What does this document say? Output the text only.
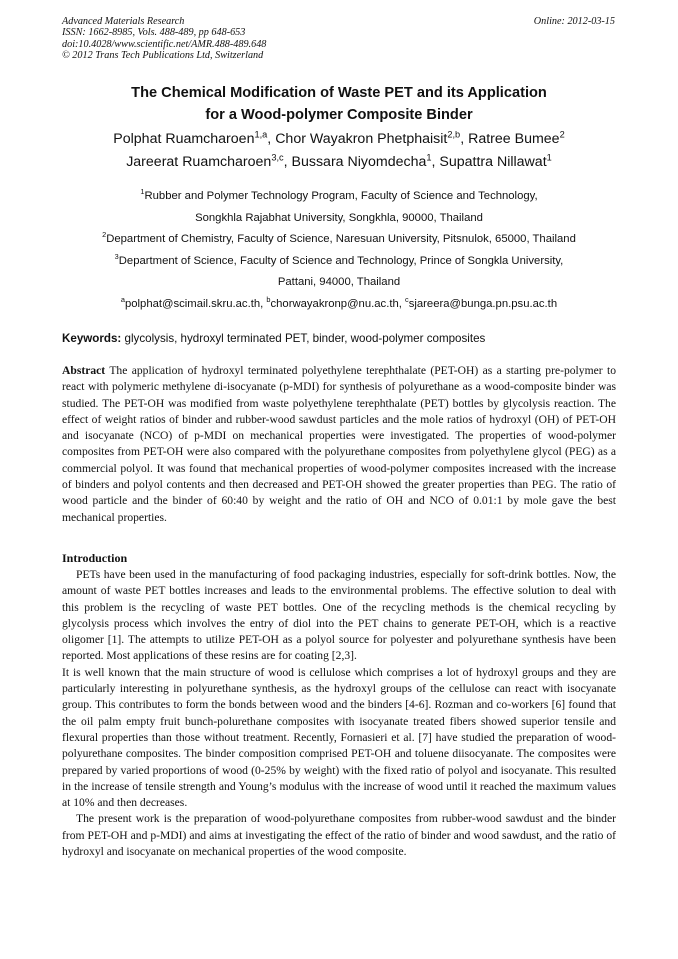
Advanced Materials Research
ISSN: 1662-8985, Vols. 488-489, pp 648-653
doi:10.4028/www.scientific.net/AMR.488-489.648
© 2012 Trans Tech Publications Ltd, Switzerland
Online: 2012-03-15
The Chemical Modification of Waste PET and its Application
for a Wood-polymer Composite Binder
Polphat Ruamcharoen$^{1,a}$, Chor Wayakron Phetphaisit$^{2,b}$, Ratree Bumee$^2$
Jareerat Ruamcharoen$^{3,c}$, Bussara Niyomdecha$^1$, Supattra Nillawat$^1$
$^1$Rubber and Polymer Technology Program, Faculty of Science and Technology,
Songkhla Rajabhat University, Songkhla, 90000, Thailand
$^2$Department of Chemistry, Faculty of Science, Naresuan University, Pitsnulok, 65000, Thailand
$^3$Department of Science, Faculty of Science and Technology, Prince of Songkla University,
Pattani, 94000, Thailand
$^a$polphat@scimail.skru.ac.th, $^b$chorwayakronp@nu.ac.th, $^c$sjareera@bunga.pn.psu.ac.th
Keywords: glycolysis, hydroxyl terminated PET, binder, wood-polymer composites
Abstract The application of hydroxyl terminated polyethylene terephthalate (PET-OH) as a starting pre-polymer to react with polymeric methylene di-isocyanate (p-MDI) for synthesis of polyurethane as a wood-composite binder was studied. The PET-OH was modified from waste polyethylene terephthalate (PET) bottles by glycolysis reaction. The effect of weight ratios of binder and rubber-wood sawdust particles and the mole ratios of hydroxyl (OH) of PET-OH and isocyanate (NCO) of p-MDI on mechanical properties were investigated. The properties of wood-polymer composites from PET-OH were also compared with the polyurethane composites from polyethylene glycol (PEG) as a commercial polyol. It was found that mechanical properties of wood-polymer composites increased with the increase of binders and polyol contents and then decreased and PET-OH showed the greater properties than PEG. The ratio of wood particle and the binder of 60:40 by weight and the ratio of OH and NCO of 0.01:1 by mole gave the best mechanical properties.
Introduction

PETs have been used in the manufacturing of food packaging industries, especially for soft-drink bottles. Now, the amount of waste PET bottles increases and leads to the environmental problems. The effective solution to deal with this problem is the recycling of waste PET bottles. One of the recycling methods is the chemical recycling by glycolysis process which involves the entry of diol into the PET chains to generate PET-OH, which is a reactive oligomer [1]. The attempts to utilize PET-OH as a polyol source for polyester and polyurethane synthesis have been reported. Most applications of these resins are for coating [2,3].

It is well known that the main structure of wood is cellulose which comprises a lot of hydroxyl groups and they are particularly interesting in polyurethane synthesis, as the hydroxyl groups of the cellulose can react with isocyanate group. This contributes to form the bonds between wood and the binders [4-6]. Rozman and co-workers [6] found that the oil palm empty fruit bunch-polurethane composites with isocyanate treated fibers showed superior tensile and flexural properties than those without treatment. Recently, Fornasieri et al. [7] have studied the preparation of wood-polyurethane composites. The binder composition comprised PET-OH and toluene diisocyanate. The composites were prepared by varied proportions of wood (0-25% by weight) with the fixed ratio of polyol and isocyanate. This resulted in the increase of tensile strength and Young’s modulus with the increase of wood until it reached the maximum values at 10% and then decreases.

The present work is the preparation of wood-polyurethane composites from rubber-wood sawdust and the binder from PET-OH and p-MDI) and aims at investigating the effect of the ratio of binder and wood sawdust, and the ratio of hydroxyl and isocyanate on mechanical properties of the wood composite.
